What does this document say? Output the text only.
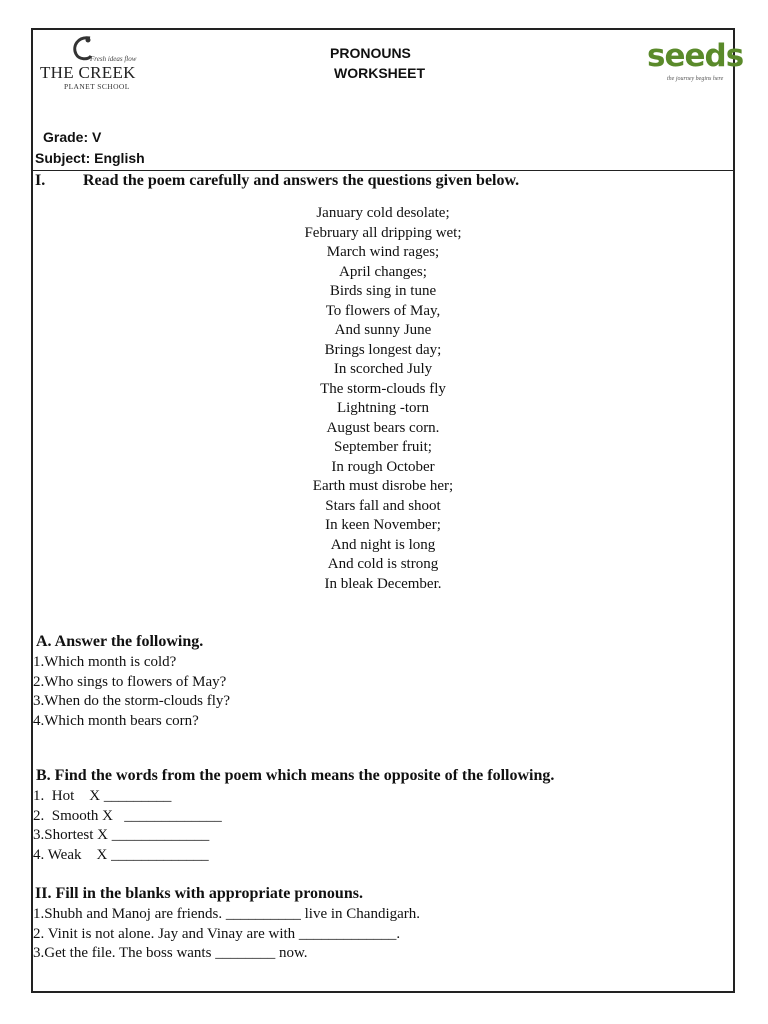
Fresh ideas flow
THE CREEK
PLANET SCHOOL
seeds
the journey begins here
PRONOUNS
WORKSHEET
Grade: V
Subject: English
I. Read the poem carefully and answers the questions given below.
January cold desolate;
February all dripping wet;
March wind rages;
April changes;
Birds sing in tune
To flowers of May,
And sunny June
Brings longest day;
In scorched July
The storm-clouds fly
Lightning -torn
August bears corn.
September fruit;
In rough October
Earth must disrobe her;
Stars fall and shoot
In keen November;
And night is long
And cold is strong
In bleak December.
A. Answer the following.
1.Which month is cold?
2.Who sings to flowers of May?
3.When do the storm-clouds fly?
4.Which month bears corn?
B. Find the words from the poem which means the opposite of the following.
1.  Hot    X _________
2.  Smooth X   _____________
3.Shortest X _____________
4. Weak    X _____________
II. Fill in the blanks with appropriate pronouns.
1.Shubh and Manoj are friends. __________ live in Chandigarh.
2. Vinit is not alone. Jay and Vinay are with _____________.
3.Get the file. The boss wants ________ now.
